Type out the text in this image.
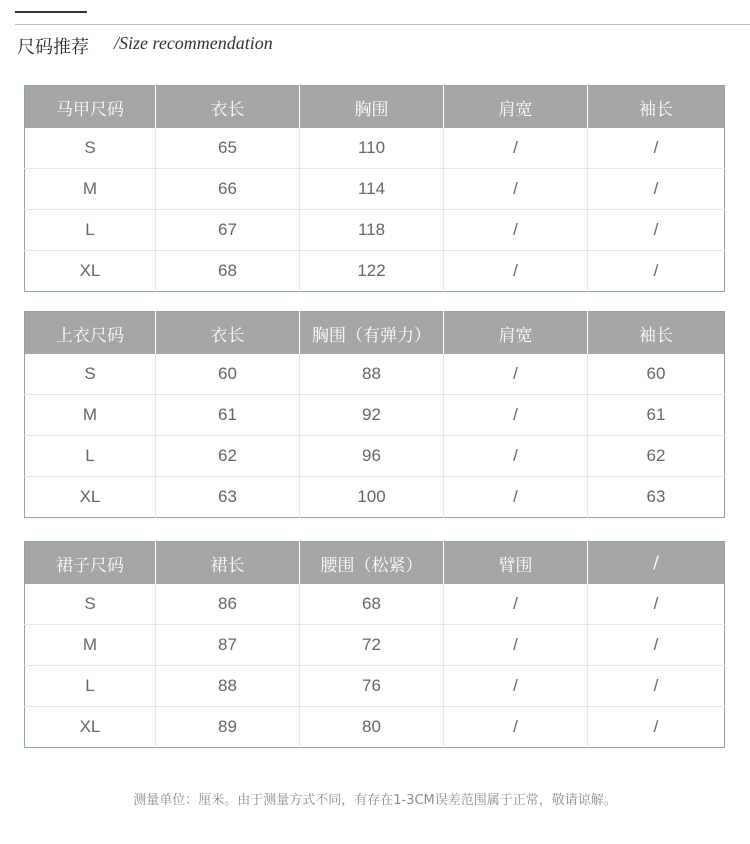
尺码推荐 /Size recommendation
马甲尺码	衣长	胸围	肩宽	袖长
S	65	110	/	/
M	66	114	/	/
L	67	118	/	/
XL	68	122	/	/
上衣尺码	衣长	胸围（有弹力）	肩宽	袖长
S	60	88	/	60
M	61	92	/	61
L	62	96	/	62
XL	63	100	/	63
裙子尺码	裙长	腰围（松紧）	臂围	/
S	86	68	/	/
M	87	72	/	/
L	88	76	/	/
XL	89	80	/	/
测量单位：厘米。由于测量方式不同，有存在1-3CM误差范围属于正常，敬请谅解。
